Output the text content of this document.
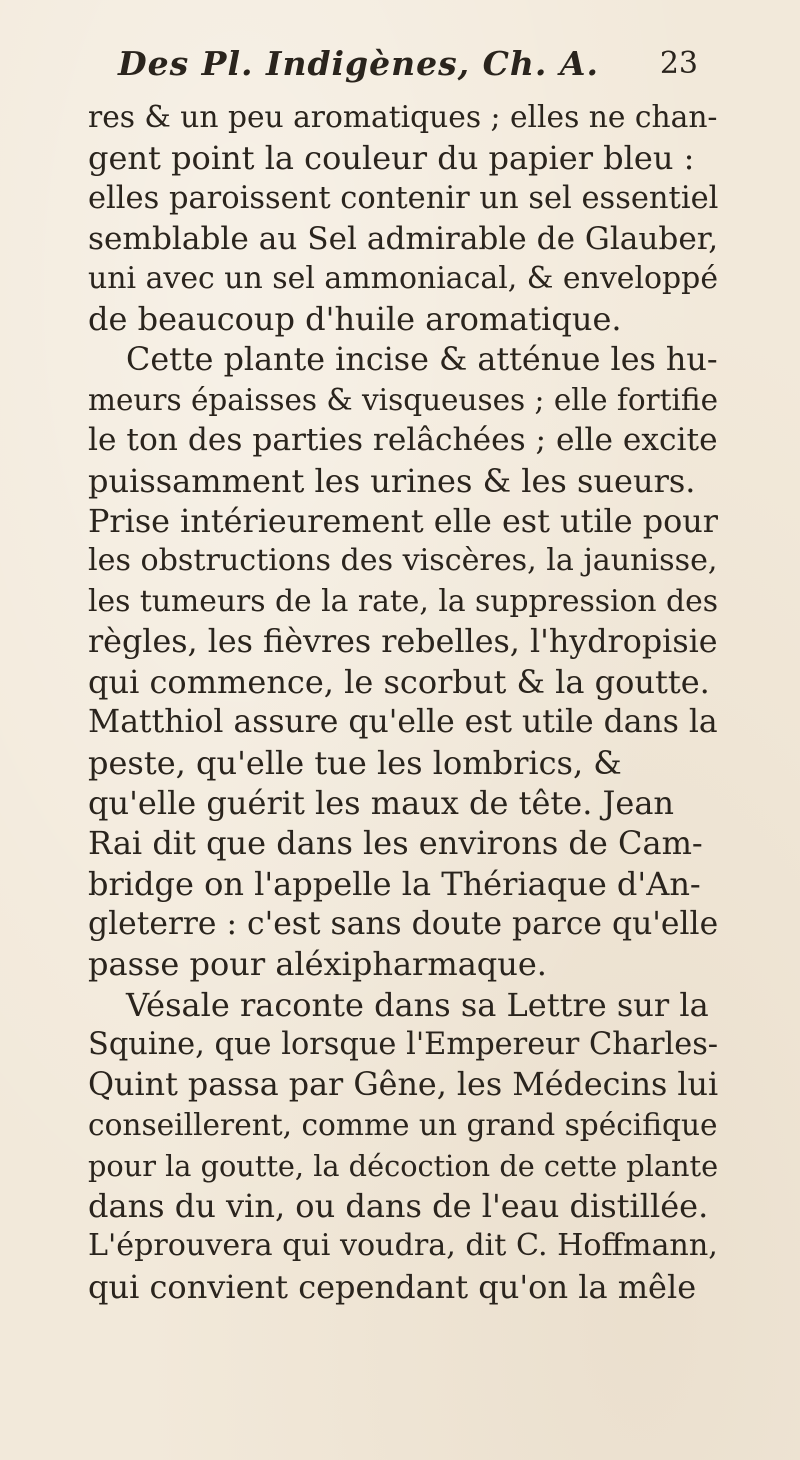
Des Pl. Indigènes, Ch. A. 23
res & un peu aromatiques ; elles ne chan-
gent point la couleur du papier bleu :
elles paroissent contenir un sel essentiel
semblable au Sel admirable de Glauber,
uni avec un sel ammoniacal, & enveloppé
de beaucoup d'huile aromatique.
Cette plante incise & atténue les hu-
meurs épaisses & visqueuses ; elle fortifie
le ton des parties relâchées ; elle excite
puissamment les urines & les sueurs.
Prise intérieurement elle est utile pour
les obstructions des viscères, la jaunisse,
les tumeurs de la rate, la suppression des
règles, les fièvres rebelles, l'hydropisie
qui commence, le scorbut & la goutte.
Matthiol assure qu'elle est utile dans la
peste, qu'elle tue les lombrics, &
qu'elle guérit les maux de tête. Jean
Rai dit que dans les environs de Cam-
bridge on l'appelle la Thériaque d'An-
gleterre : c'est sans doute parce qu'elle
passe pour aléxipharmaque.
Vésale raconte dans sa Lettre sur la
Squine, que lorsque l'Empereur Charles-
Quint passa par Gêne, les Médecins lui
conseillerent, comme un grand spécifique
pour la goutte, la décoction de cette plante
dans du vin, ou dans de l'eau distillée.
L'éprouvera qui voudra, dit C. Hoffmann,
qui convient cependant qu'on la mêle
